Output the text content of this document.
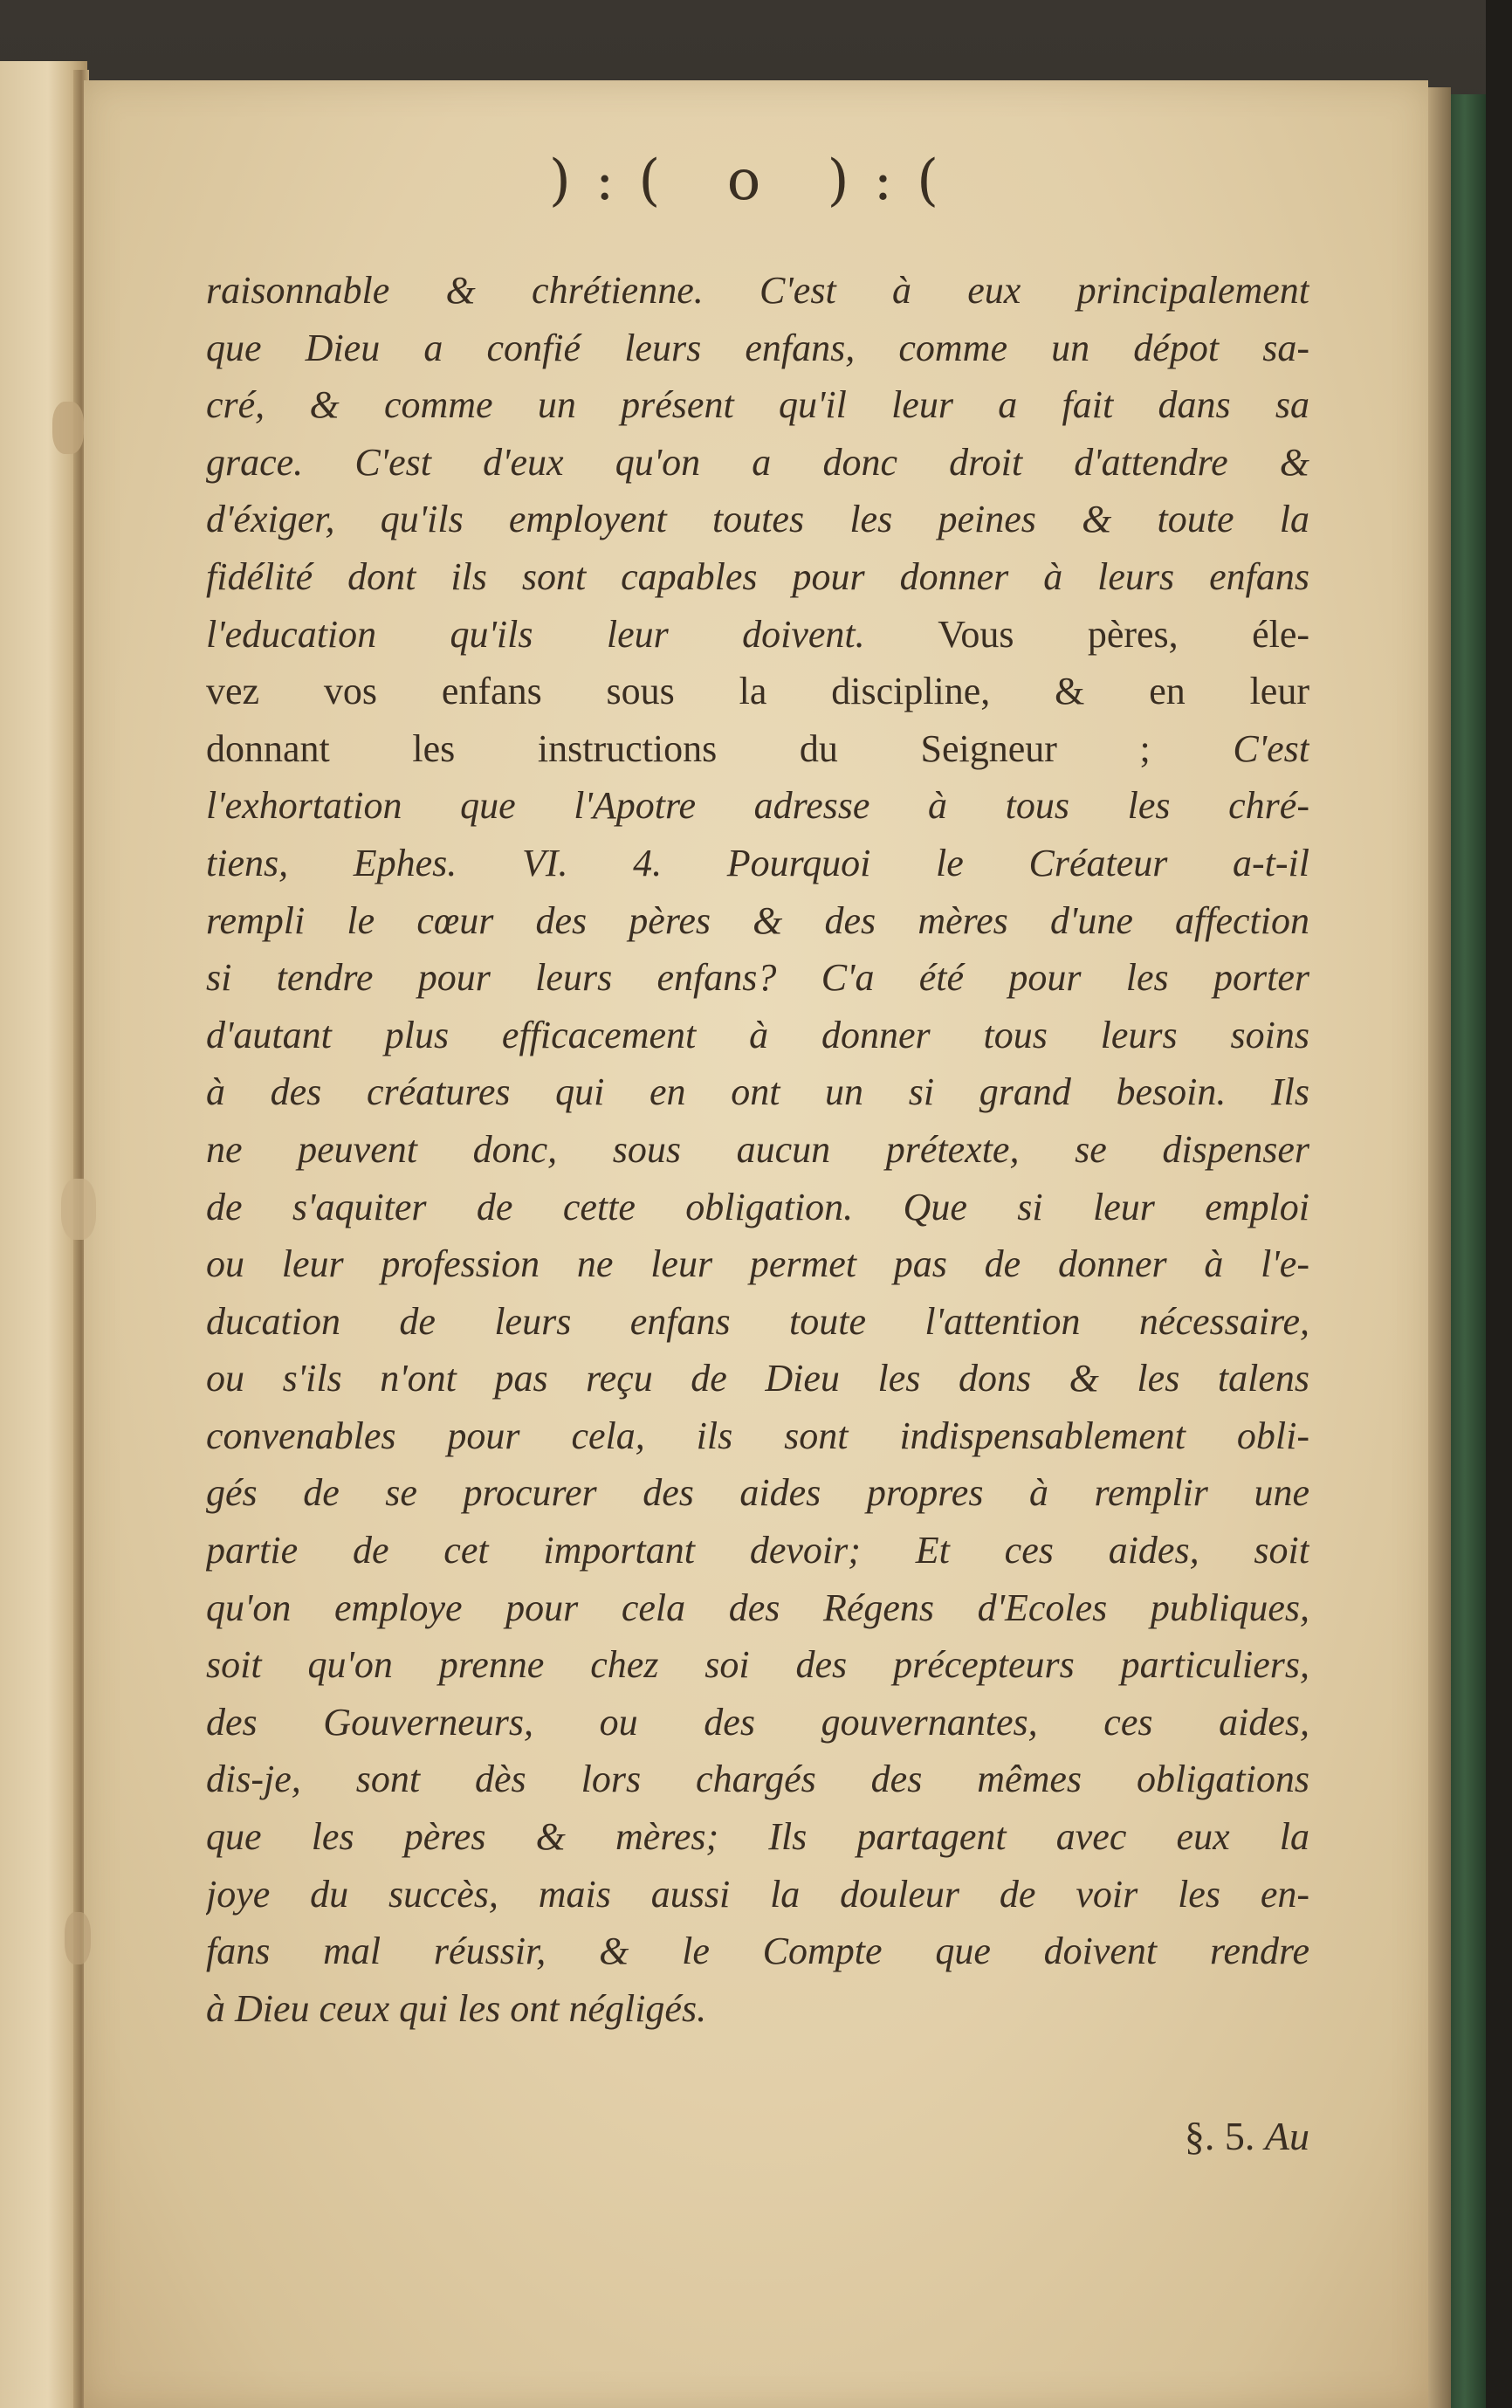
):( o ):(
raisonnable & chrétienne. C'est à eux principalement
que Dieu a confié leurs enfans, comme un dépot sa-
cré, & comme un présent qu'il leur a fait dans sa
grace. C'est d'eux qu'on a donc droit d'attendre &
d'éxiger, qu'ils employent toutes les peines & toute la
fidélité dont ils sont capables pour donner à leurs enfans
l'education qu'ils leur doivent. Vous pères, éle-
vez vos enfans sous la discipline, & en leur
donnant les instructions du Seigneur ; C'est
l'exhortation que l'Apotre adresse à tous les chré-
tiens, Ephes. VI. 4. Pourquoi le Créateur a-t-il
rempli le cœur des pères & des mères d'une affection
si tendre pour leurs enfans? C'a été pour les porter
d'autant plus efficacement à donner tous leurs soins
à des créatures qui en ont un si grand besoin. Ils
ne peuvent donc, sous aucun prétexte, se dispenser
de s'aquiter de cette obligation. Que si leur emploi
ou leur profession ne leur permet pas de donner à l'e-
ducation de leurs enfans toute l'attention nécessaire,
ou s'ils n'ont pas reçu de Dieu les dons & les talens
convenables pour cela, ils sont indispensablement obli-
gés de se procurer des aides propres à remplir une
partie de cet important devoir; Et ces aides, soit
qu'on employe pour cela des Régens d'Ecoles publiques,
soit qu'on prenne chez soi des précepteurs particuliers,
des Gouverneurs, ou des gouvernantes, ces aides,
dis-je, sont dès lors chargés des mêmes obligations
que les pères & mères; Ils partagent avec eux la
joye du succès, mais aussi la douleur de voir les en-
fans mal réussir, & le Compte que doivent rendre
à Dieu ceux qui les ont négligés.
§. 5. Au
